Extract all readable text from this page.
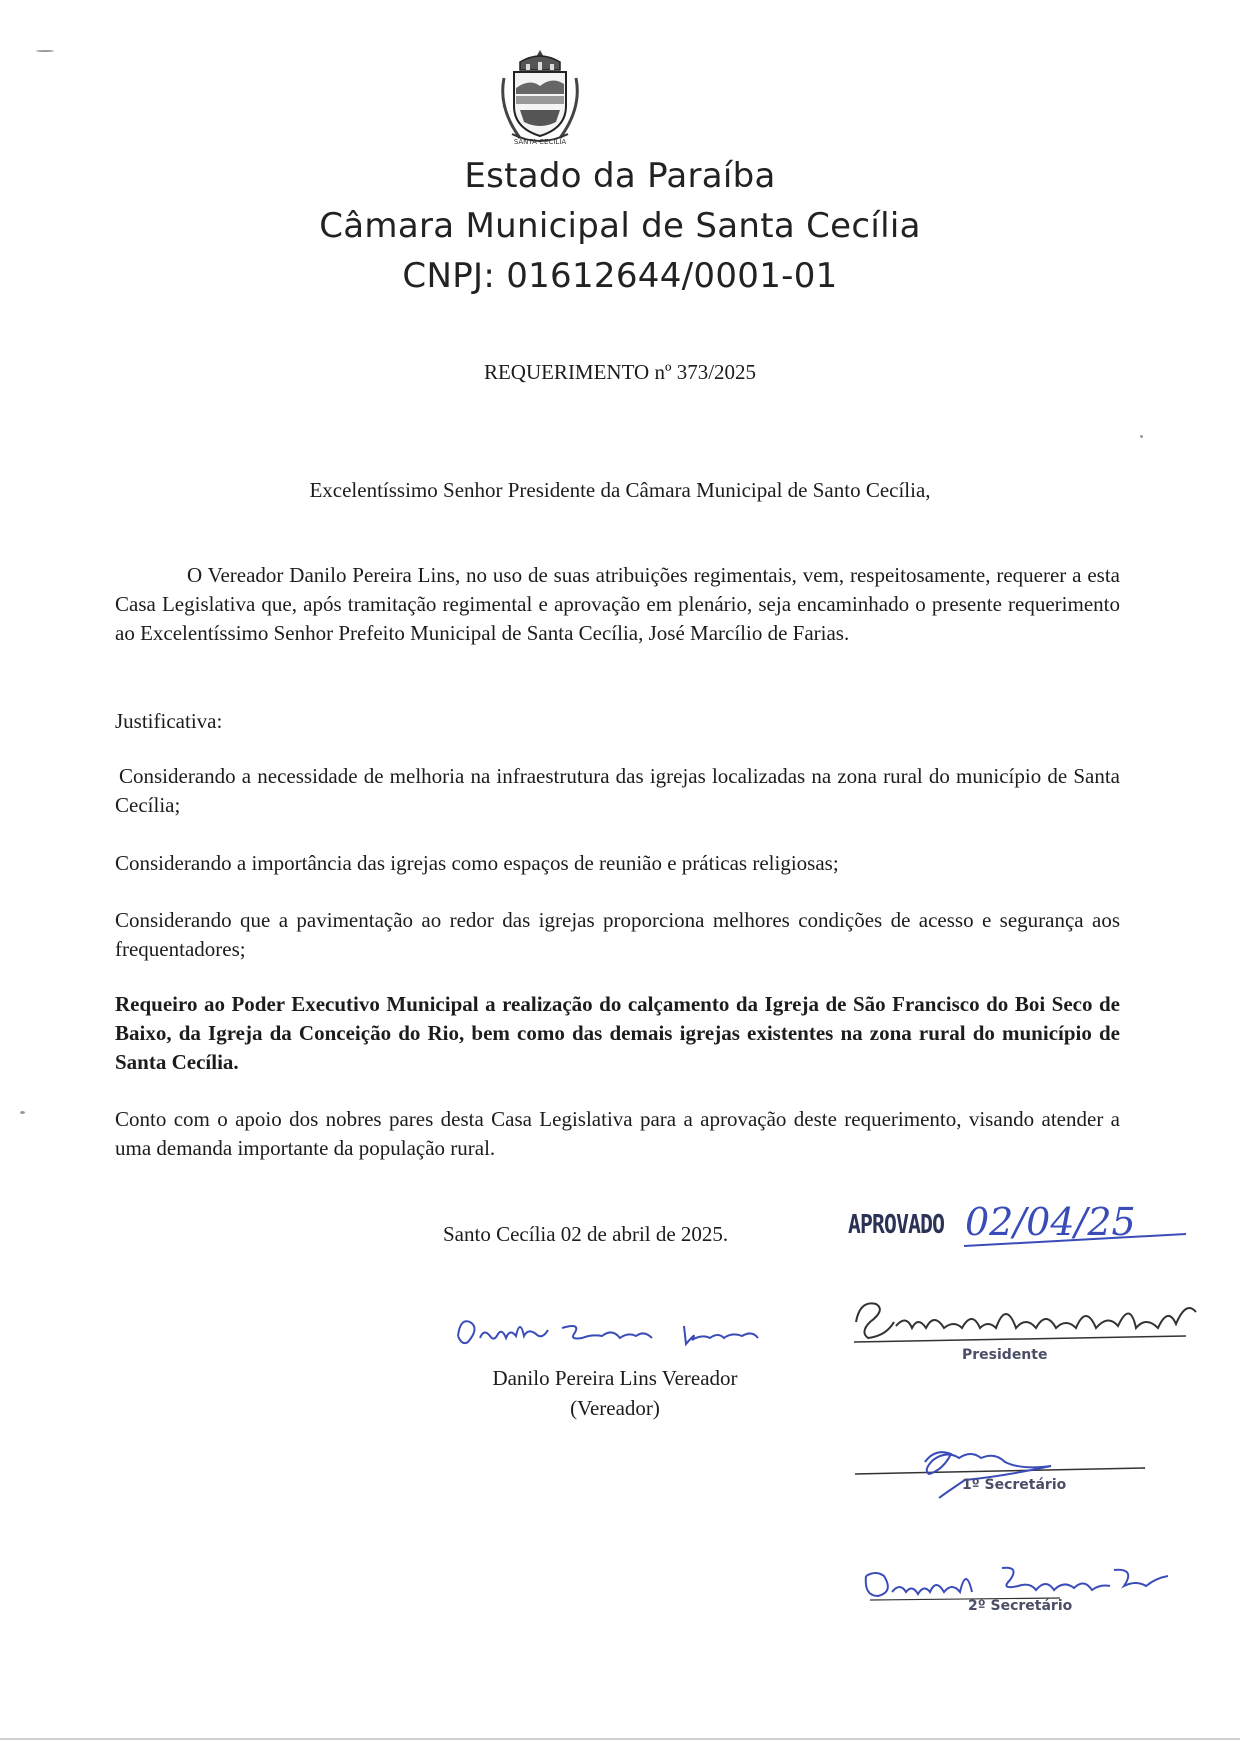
SANTA CECILIA
Estado da Paraíba
Câmara Municipal de Santa Cecília
CNPJ: 01612644/0001-01
REQUERIMENTO nº 373/2025
Excelentíssimo Senhor Presidente da Câmara Municipal de Santo Cecília,
O Vereador Danilo Pereira Lins, no uso de suas atribuições regimentais, vem, respeitosamente, requerer a esta Casa Legislativa que, após tramitação regimental e aprovação em plenário, seja encaminhado o presente requerimento ao Excelentíssimo Senhor Prefeito Municipal de Santa Cecília, José Marcílio de Farias.
Justificativa:
Considerando a necessidade de melhoria na infraestrutura das igrejas localizadas na zona rural do município de Santa Cecília;
Considerando a importância das igrejas como espaços de reunião e práticas religiosas;
Considerando que a pavimentação ao redor das igrejas proporciona melhores condições de acesso e segurança aos frequentadores;
Requeiro ao Poder Executivo Municipal a realização do calçamento da Igreja de São Francisco do Boi Seco de Baixo, da Igreja da Conceição do Rio, bem como das demais igrejas existentes na zona rural do município de Santa Cecília.
Conto com o apoio dos nobres pares desta Casa Legislativa para a aprovação deste requerimento, visando atender a uma demanda importante da população rural.
Santo Cecília 02 de abril de 2025.
Danilo Pereira Lins
Danilo Pereira Lins Vereador
(Vereador)
APROVADO 02/04/25
Presidente
1º Secretário
2º Secretário
